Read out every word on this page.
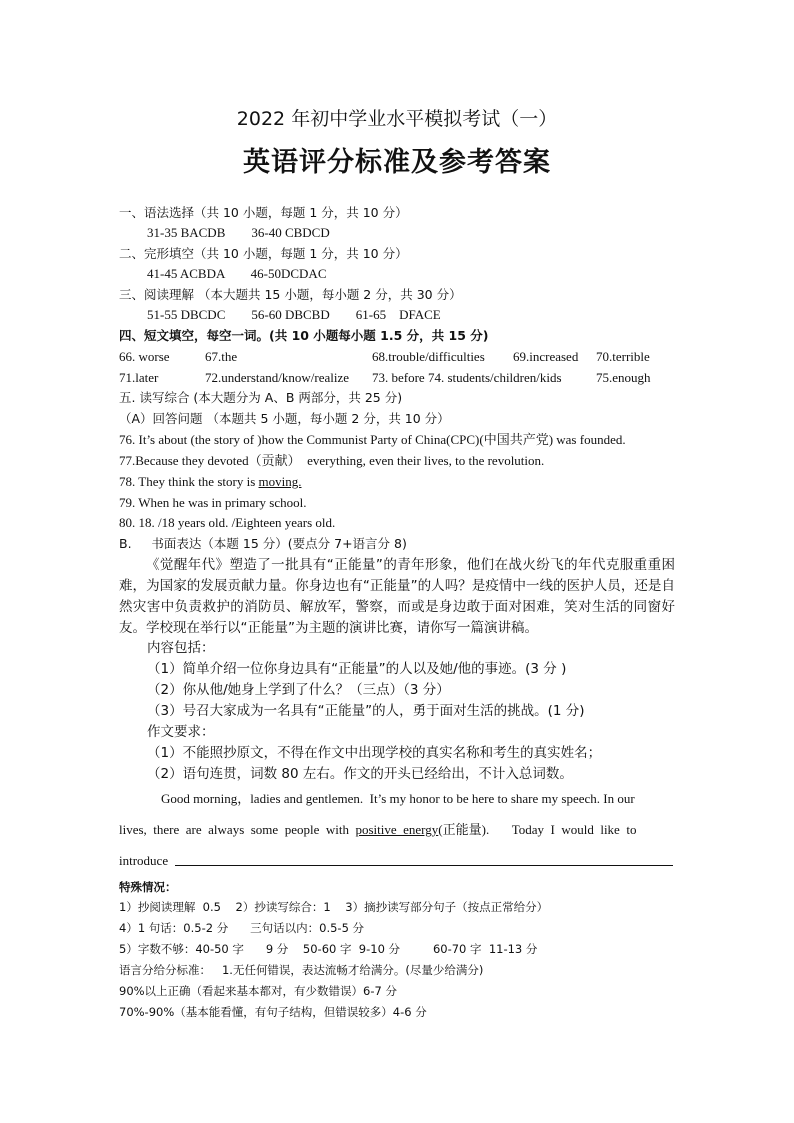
2022 年初中学业水平模拟考试（一）
英语评分标准及参考答案
一、语法选择（共 10 小题，每题 1 分，共 10 分）
31-35 BACDB        36-40 CBDCD
二、完形填空（共 10 小题，每题 1 分，共 10 分）
41-45 ACBDA        46-50DCDAC
三、阅读理解 （本大题共 15 小题，每小题 2 分，共 30 分）
51-55 DBCDC        56-60 DBCBD        61-65    DFACE
四、短文填空，每空一词。(共 10 小题每小题 1.5 分，共 15 分)
66. worse	67.the	68.trouble/difficulties 69.increased 70.terrible
71.later	72.understand/know/realize 73. before 74. students/children/kids	75.enough
五. 读写综合 (本大题分为 A、B 两部分，共 25 分)
（A）回答问题 （本题共 5 小题，每小题 2 分，共 10 分）
76. It’s about (the story of )how the Communist Party of China(CPC)(中国共产党) was founded.
77.Because they devoted（贡献）  everything, even their lives, to the revolution.
78. They think the story is moving.
79. When he was in primary school.
80. 18. /18 years old. /Eighteen years old.
B.     书面表达（本题 15 分）(要点分 7+语言分 8)
《觉醒年代》塑造了一批具有“正能量”的青年形象，他们在战火纷飞的年代克服重重困难，为国家的发展贡献力量。你身边也有“正能量”的人吗？是疫情中一线的医护人员，还是自然灾害中负责救护的消防员、解放军，警察，而或是身边敢于面对困难，笑对生活的同窗好友。学校现在举行以“正能量”为主题的演讲比赛，请你写一篇演讲稿。
内容包括：
（1）简单介绍一位你身边具有“正能量”的人以及她/他的事迹。(3 分 )
（2）你从他/她身上学到了什么？（三点）（3 分）
（3）号召大家成为一名具有“正能量”的人，勇于面对生活的挑战。(1 分)
作文要求：
（1）不能照抄原文，不得在作文中出现学校的真实名称和考生的真实姓名；
（2）语句连贯，词数 80 左右。作文的开头已经给出，不计入总词数。
Good morning，ladies and gentlemen.  It’s my honor to be here to share my speech. In our
lives,  there  are  always  some  people  with  positive  energy(正能量).       Today  I  would  like  to
introduce
特殊情况：
1）抄阅读理解  0.5    2）抄读写综合：1    3）摘抄读写部分句子（按点正常给分）
4）1 句话：0.5-2 分      三句话以内：0.5-5 分
5）字数不够：40-50 字      9 分    50-60 字  9-10 分         60-70 字  11-13 分
语言分给分标准：   1.无任何错误，表达流畅才给满分。(尽量少给满分)
90%以上正确（看起来基本都对，有少数错误）6-7 分
70%-90%（基本能看懂，有句子结构，但错误较多）4-6 分
